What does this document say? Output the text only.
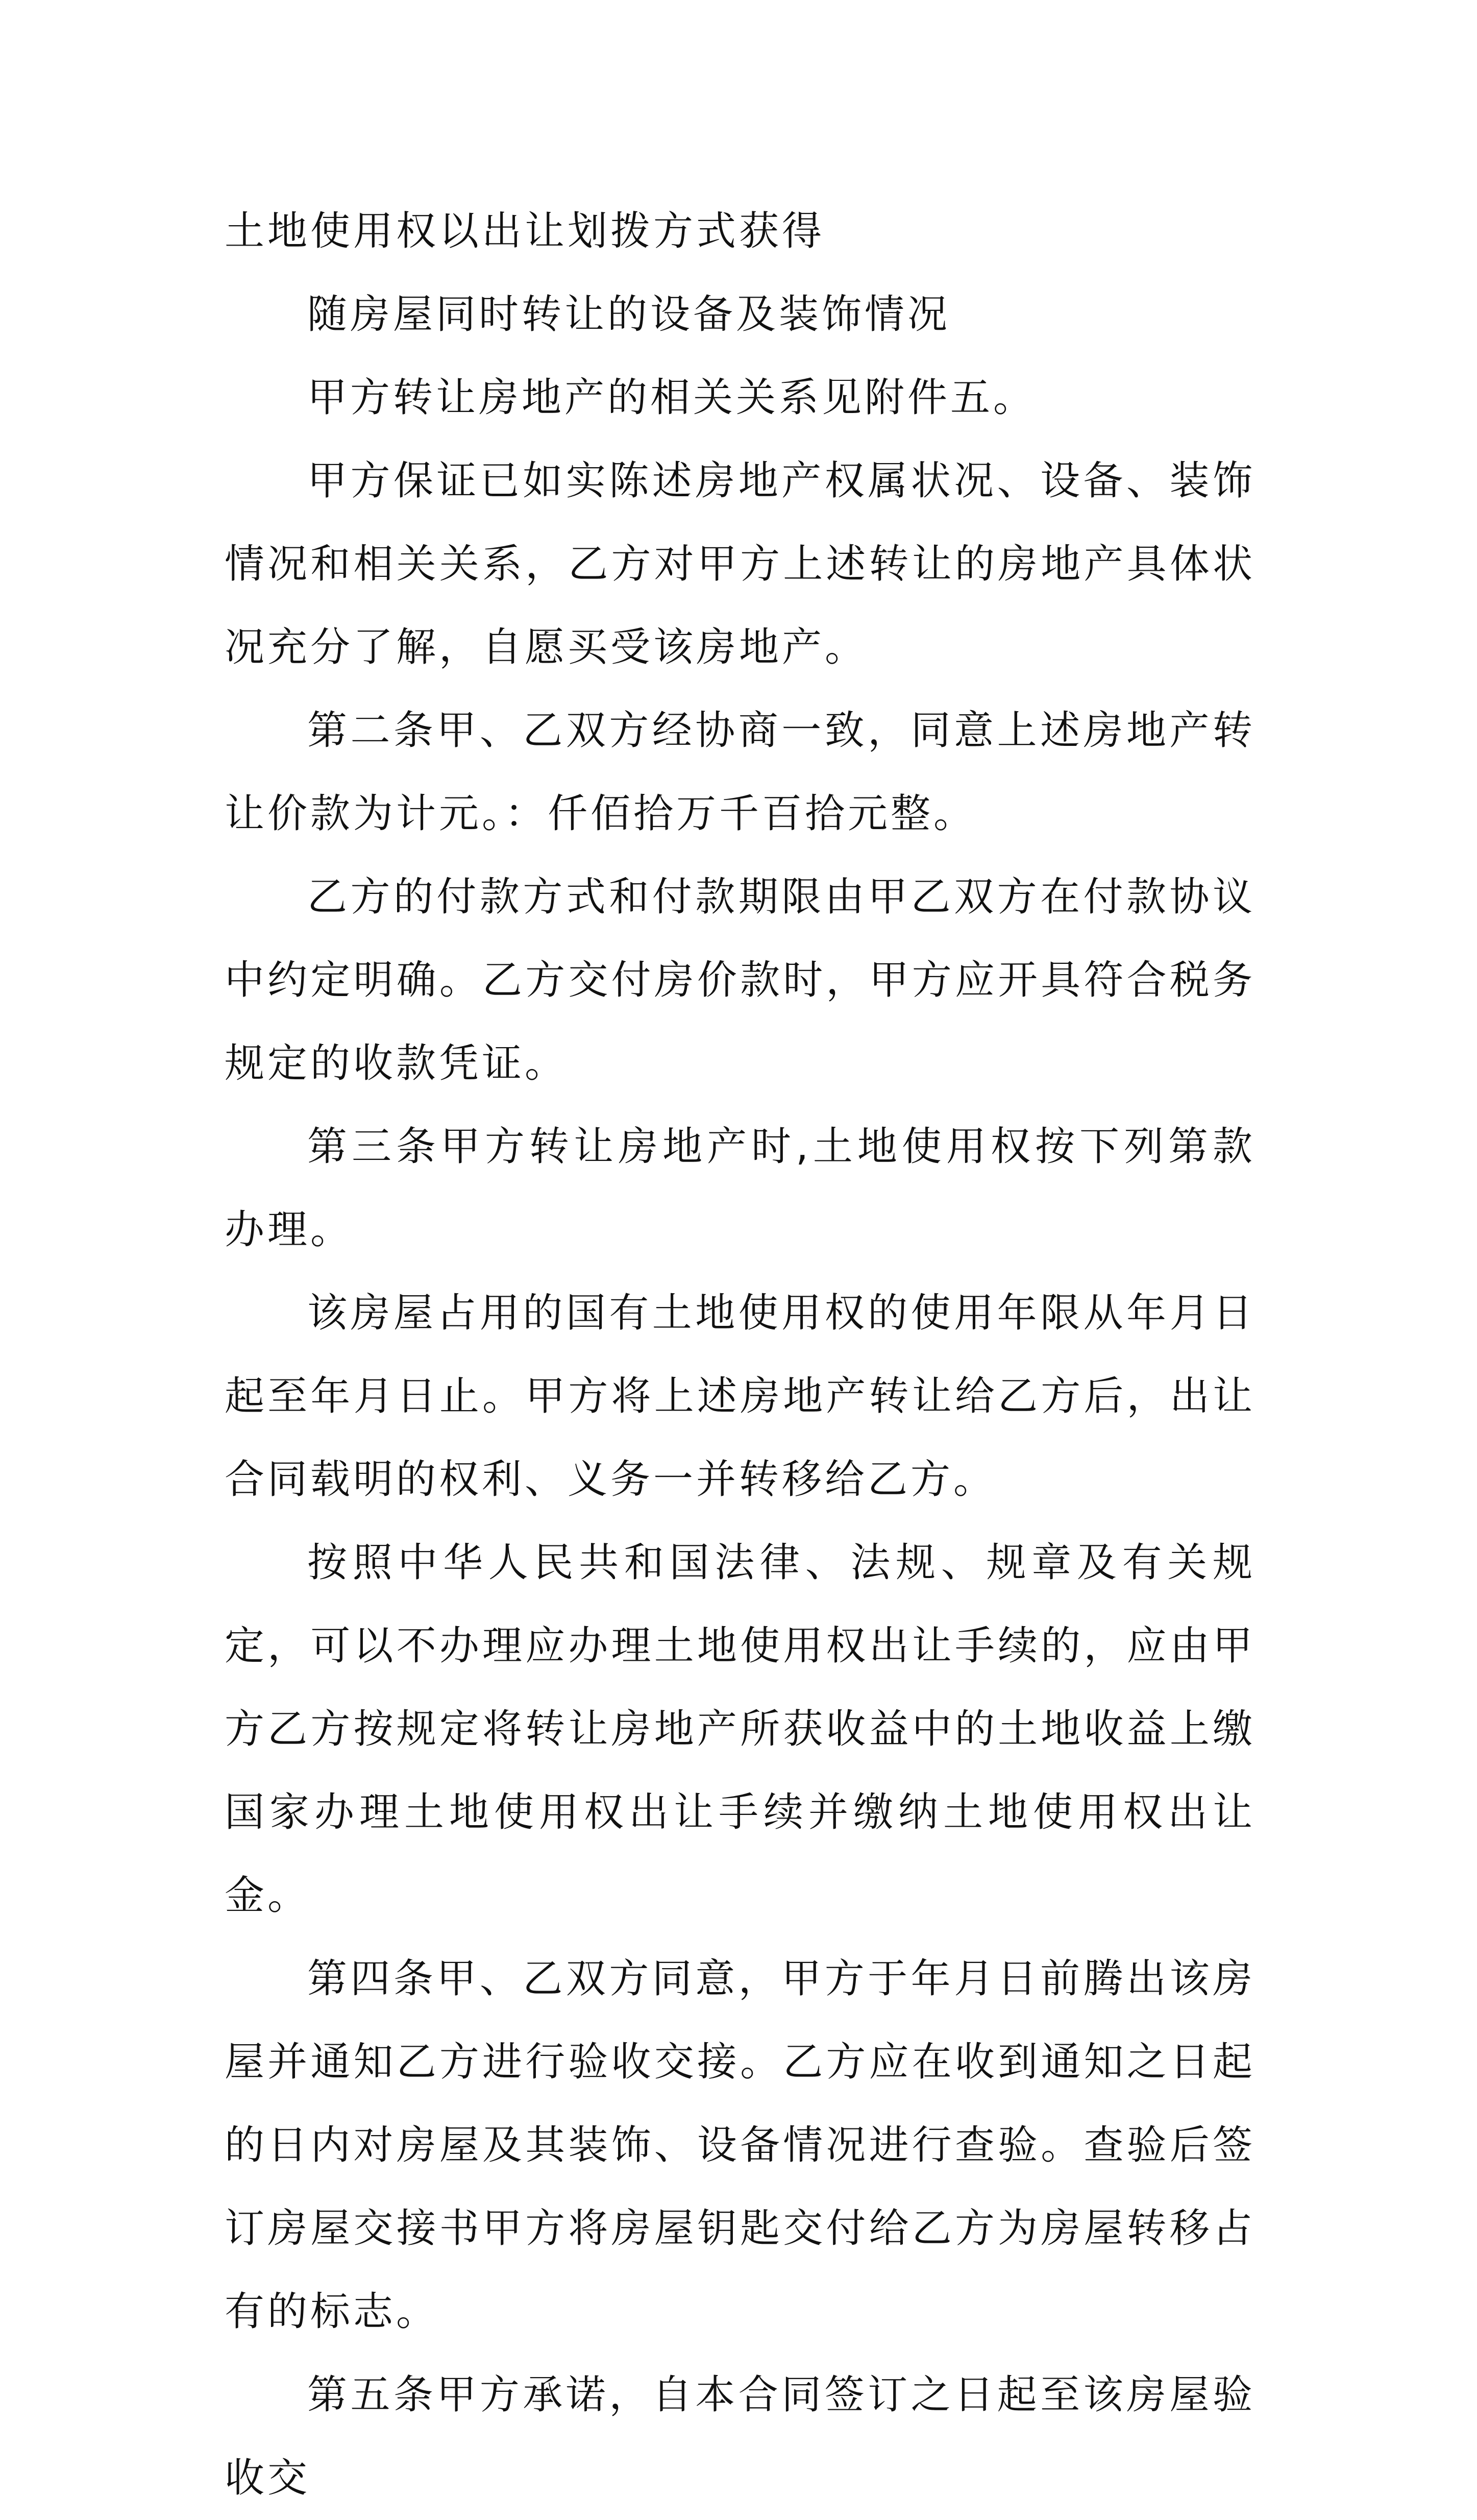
土地使用权以出让划拨方式获得

随房屋同时转让的设备及装饰情况

甲方转让房地产的相关关系见附件五。

甲方保证已如实陈述房地产权属状况、设备、装饰情况和相关关系，乙方对甲方上述转让的房地产具体状况充分了解，自愿买受该房地产。

第二条甲、乙双方经协商一致，同意上述房地产转让价款为计元。：仟佰拾万千百拾元整。

乙方的付款方式和付款期限由甲乙双方在付款协议中约定明确。乙方交付房价款时，甲方应开具符合税务规定的收款凭证。

第三条甲方转让房地产时,土地使用权按下列第款办理。

该房屋占用的国有土地使用权的使用年限从年月日起至年月日止。甲方将上述房地产转让给乙方后，出让合同载明的权利、义务一并转移给乙方。

按照中华人民共和国法律、法规、规章及有关规定，可以不办理应办理土地使用权出让手续的，应由甲方乙方按规定将转让房地产所获收益中的土地收益上缴国家办理土地使用权出让手续并缴纳土地使用权出让金。

第四条甲、乙双方同意，甲方于年月日前腾出该房屋并通知乙方进行验收交接。乙方应在收到通知之日起的日内对房屋及其装饰、设备情况进行查验。查验后签订房屋交接书甲方将房屋钥匙交付给乙方为房屋转移占有的标志。

第五条甲方承诺，自本合同签订之日起至该房屋验收交
